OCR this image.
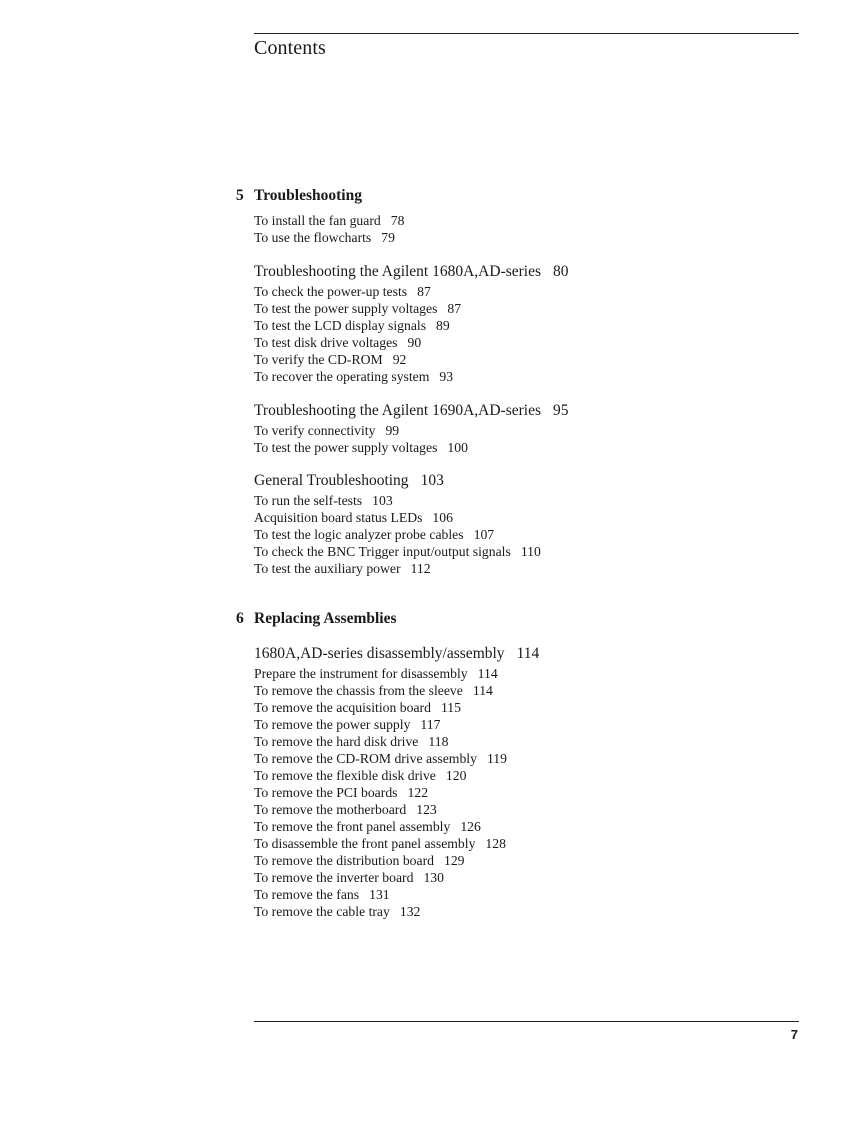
Contents
5 Troubleshooting
To install the fan guard 78
To use the flowcharts 79
Troubleshooting the Agilent 1680A,AD-series 80
To check the power-up tests 87
To test the power supply voltages 87
To test the LCD display signals 89
To test disk drive voltages 90
To verify the CD-ROM 92
To recover the operating system 93
Troubleshooting the Agilent 1690A,AD-series 95
To verify connectivity 99
To test the power supply voltages 100
General Troubleshooting 103
To run the self-tests 103
Acquisition board status LEDs 106
To test the logic analyzer probe cables 107
To check the BNC Trigger input/output signals 110
To test the auxiliary power 112
6 Replacing Assemblies
1680A,AD-series disassembly/assembly 114
Prepare the instrument for disassembly 114
To remove the chassis from the sleeve 114
To remove the acquisition board 115
To remove the power supply 117
To remove the hard disk drive 118
To remove the CD-ROM drive assembly 119
To remove the flexible disk drive 120
To remove the PCI boards 122
To remove the motherboard 123
To remove the front panel assembly 126
To disassemble the front panel assembly 128
To remove the distribution board 129
To remove the inverter board 130
To remove the fans 131
To remove the cable tray 132
7
